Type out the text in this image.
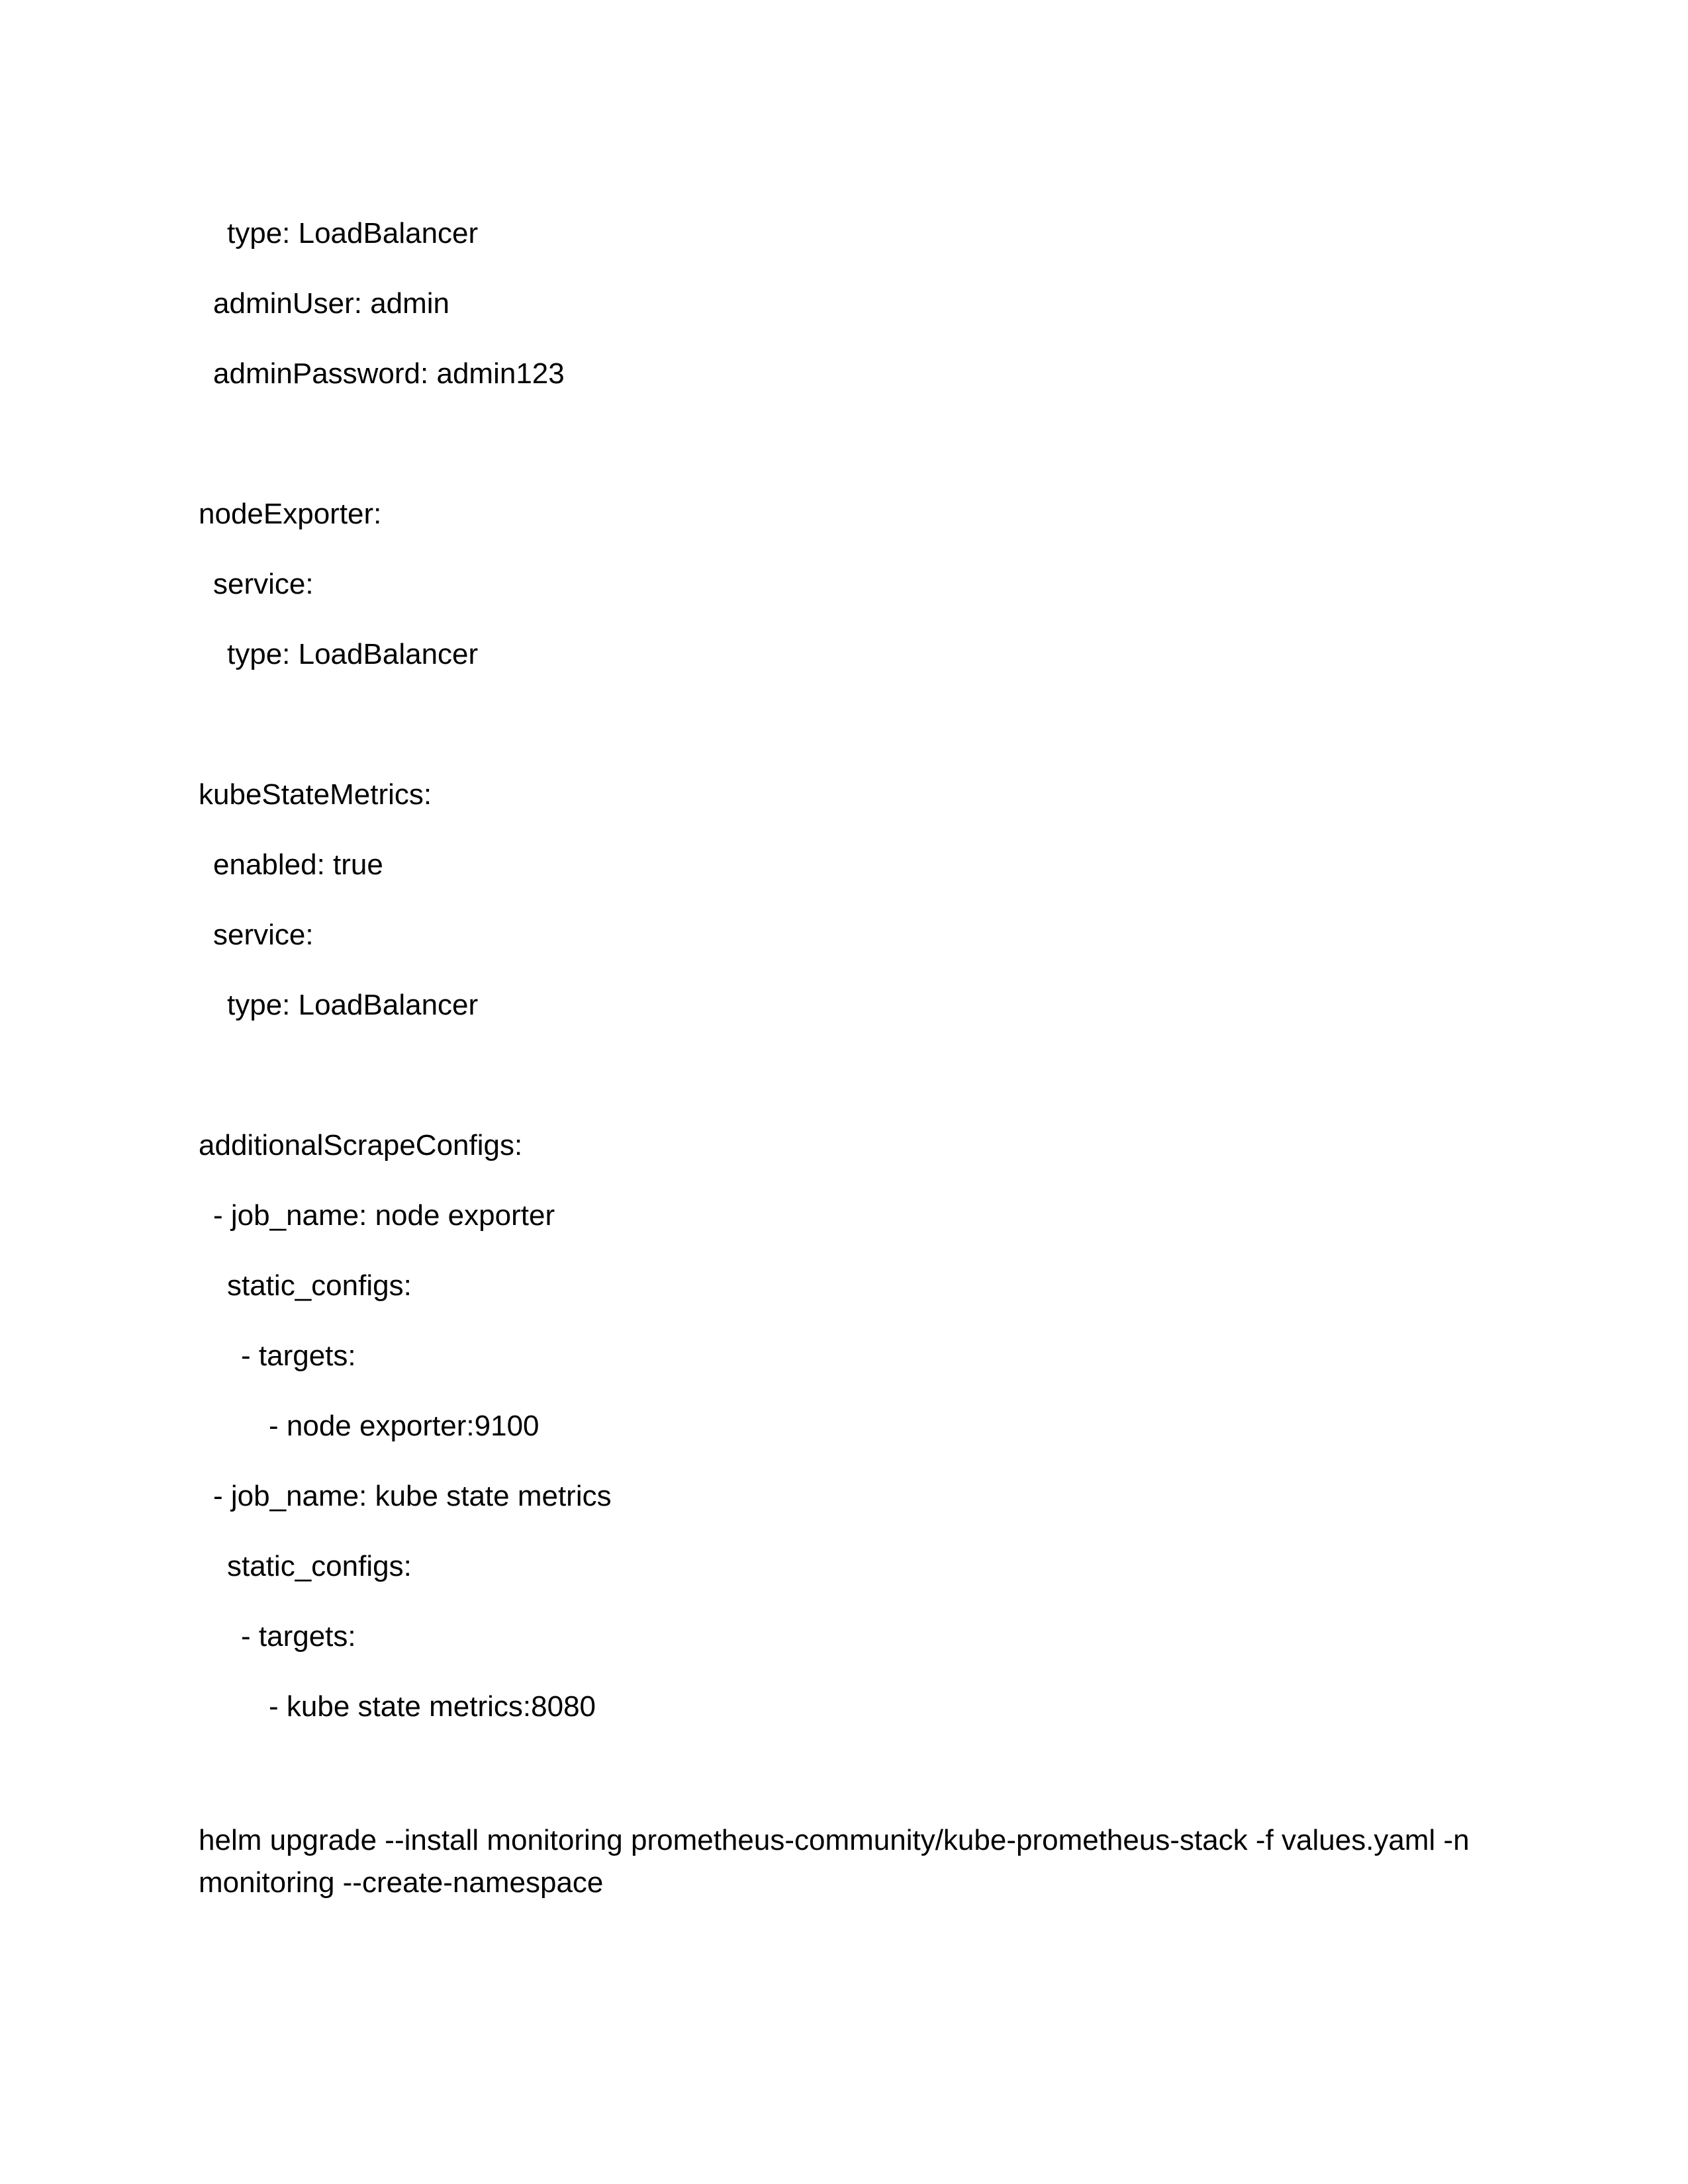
type: LoadBalancer
adminUser: admin
adminPassword: admin123
nodeExporter:
service:
type: LoadBalancer
kubeStateMetrics:
enabled: true
service:
type: LoadBalancer
additionalScrapeConfigs:
- job_name: node exporter
static_configs:
- targets:
- node exporter:9100
- job_name: kube state metrics
static_configs:
- targets:
- kube state metrics:8080
helm upgrade --install monitoring prometheus-community/kube-prometheus-stack -f values.yaml -n
monitoring --create-namespace
